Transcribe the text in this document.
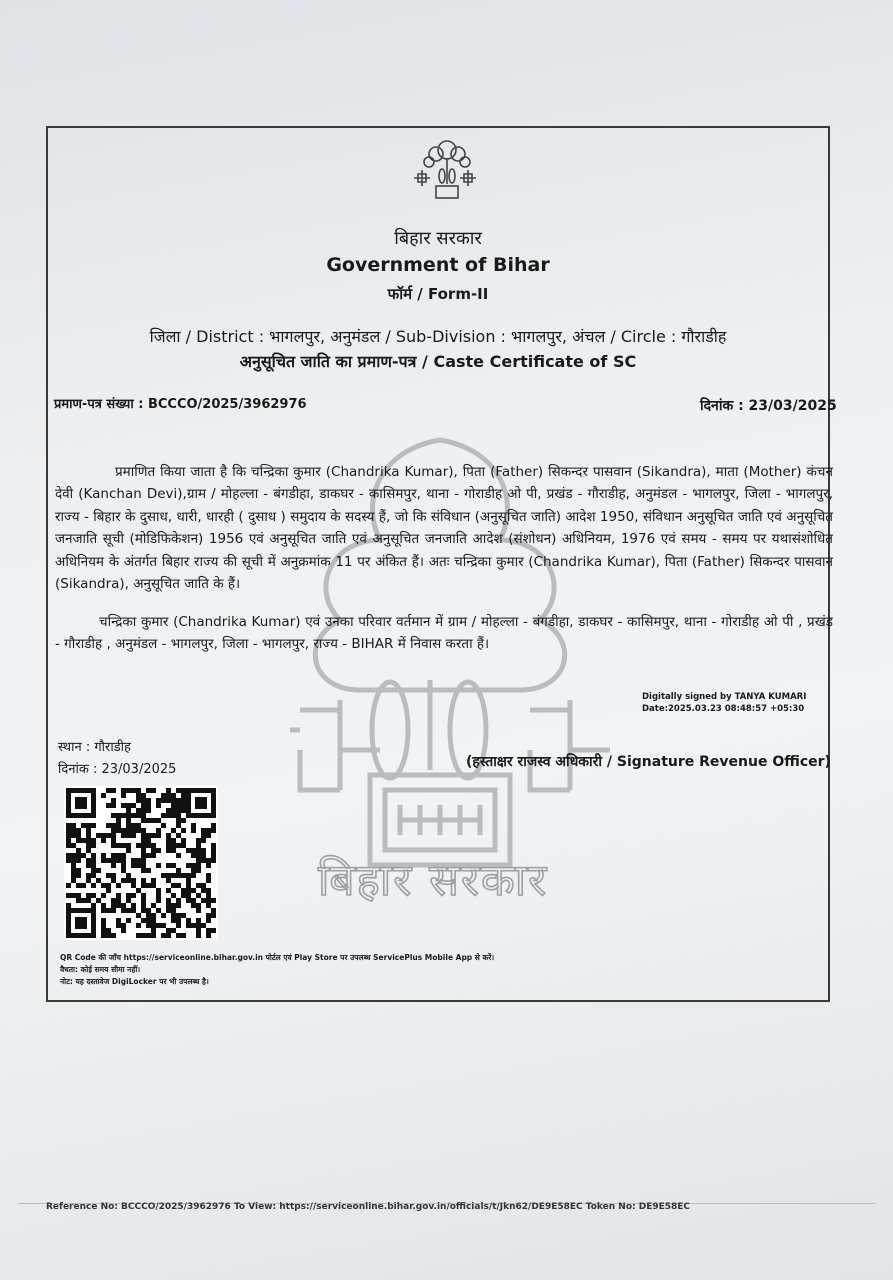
बिहार सरकार
बिहार सरकार
Government of Bihar
फॉर्म / Form-II
जिला / District : भागलपुर, अनुमंडल / Sub-Division : भागलपुर, अंचल / Circle : गौराडीह
अनुसूचित जाति का प्रमाण-पत्र / Caste Certificate of SC
प्रमाण-पत्र संख्या : BCCCO/2025/3962976	दिनांक : 23/03/2025
प्रमाणित किया जाता है कि चन्द्रिका कुमार (Chandrika Kumar), पिता (Father) सिकन्दर पासवान (Sikandra), माता (Mother) कंचन देवी (Kanchan Devi),ग्राम / मोहल्ला - बंगडीहा, डाकघर - कासिमपुर, थाना - गोराडीह ओ पी, प्रखंड - गौराडीह, अनुमंडल - भागलपुर, जिला - भागलपुर, राज्य - बिहार के दुसाध, धारी, धारही ( दुसाध ) समुदाय के सदस्य हैं, जो कि संविधान (अनुसूचित जाति) आदेश 1950, संविधान अनुसूचित जाति एवं अनुसूचित जनजाति सूची (मोडिफिकेशन) 1956 एवं अनुसूचित जाति एवं अनुसूचित जनजाति आदेश (संशोधन) अधिनियम, 1976 एवं समय - समय पर यथासंशोधित अधिनियम के अंतर्गत बिहार राज्य की सूची में अनुक्रमांक 11 पर अंकित हैं। अतः चन्द्रिका कुमार (Chandrika Kumar), पिता (Father) सिकन्दर पासवान (Sikandra), अनुसूचित जाति के हैं।
चन्द्रिका कुमार (Chandrika Kumar) एवं उनका परिवार वर्तमान में ग्राम / मोहल्ला - बंगडीहा, डाकघर - कासिमपुर, थाना - गोराडीह ओ पी , प्रखंड - गौराडीह , अनुमंडल - भागलपुर, जिला - भागलपुर, राज्य - BIHAR में निवास करता हैं।
Digitally signed by TANYA KUMARI
Date:2025.03.23 08:48:57 +05:30
स्थान : गौराडीह
दिनांक : 23/03/2025	(हस्ताक्षर राजस्व अधिकारी / Signature Revenue Officer)
QR Code की जाँच https://serviceonline.bihar.gov.in पोर्टल एवं Play Store पर उपलब्ध ServicePlus Mobile App से करें।
वैधता: कोई समय सीमा नहीं।
नोट: यह दस्तावेज DigiLocker पर भी उपलब्ध है।
Reference No: BCCCO/2025/3962976 To View: https://serviceonline.bihar.gov.in/officials/t/Jkn62/DE9E58EC Token No: DE9E58EC
